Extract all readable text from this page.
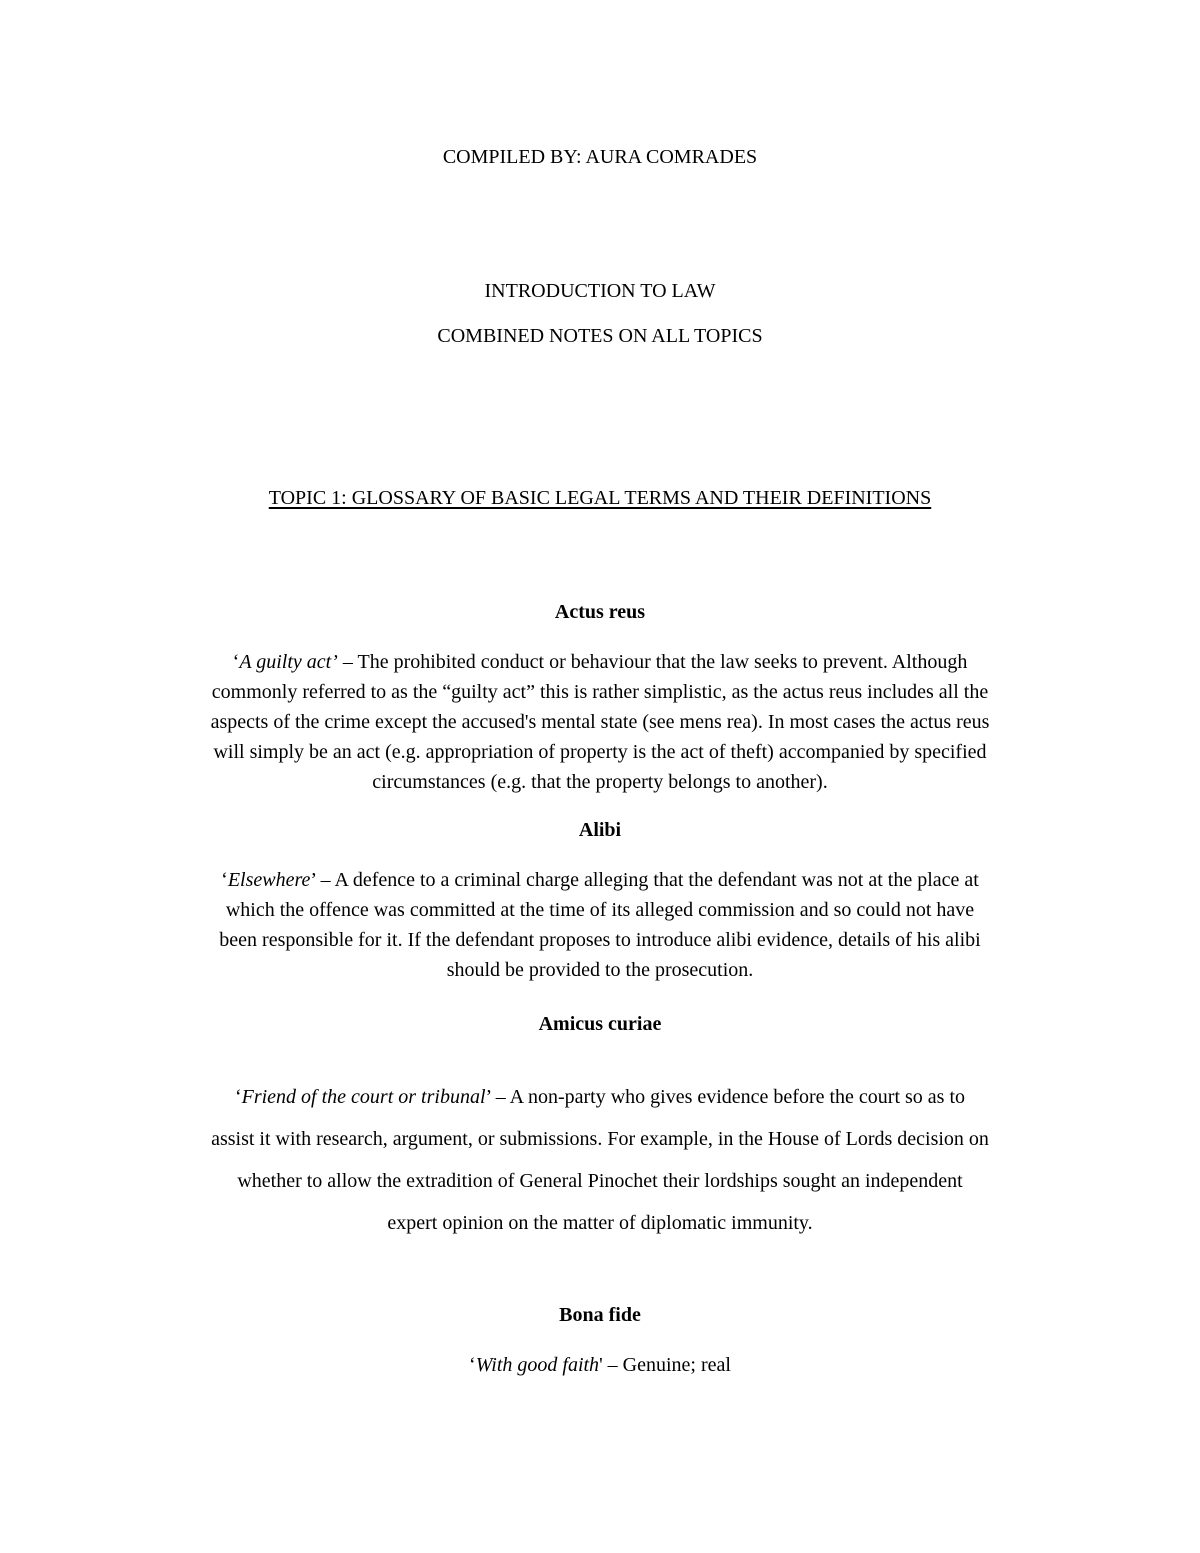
COMPILED BY: AURA COMRADES
INTRODUCTION TO LAW
COMBINED NOTES ON ALL TOPICS
TOPIC 1: GLOSSARY OF BASIC LEGAL TERMS AND THEIR DEFINITIONS
Actus reus
‘A guilty act’ – The prohibited conduct or behaviour that the law seeks to prevent. Although
commonly referred to as the “guilty act” this is rather simplistic, as the actus reus includes all the
aspects of the crime except the accused's mental state (see mens rea). In most cases the actus reus
will simply be an act (e.g. appropriation of property is the act of theft) accompanied by specified
circumstances (e.g. that the property belongs to another).
Alibi
‘Elsewhere’ – A defence to a criminal charge alleging that the defendant was not at the place at
which the offence was committed at the time of its alleged commission and so could not have
been responsible for it. If the defendant proposes to introduce alibi evidence, details of his alibi
should be provided to the prosecution.
Amicus curiae
‘Friend of the court or tribunal’ – A non-party who gives evidence before the court so as to
assist it with research, argument, or submissions. For example, in the House of Lords decision on
whether to allow the extradition of General Pinochet their lordships sought an independent
expert opinion on the matter of diplomatic immunity.
Bona fide
‘With good faith' – Genuine; real
